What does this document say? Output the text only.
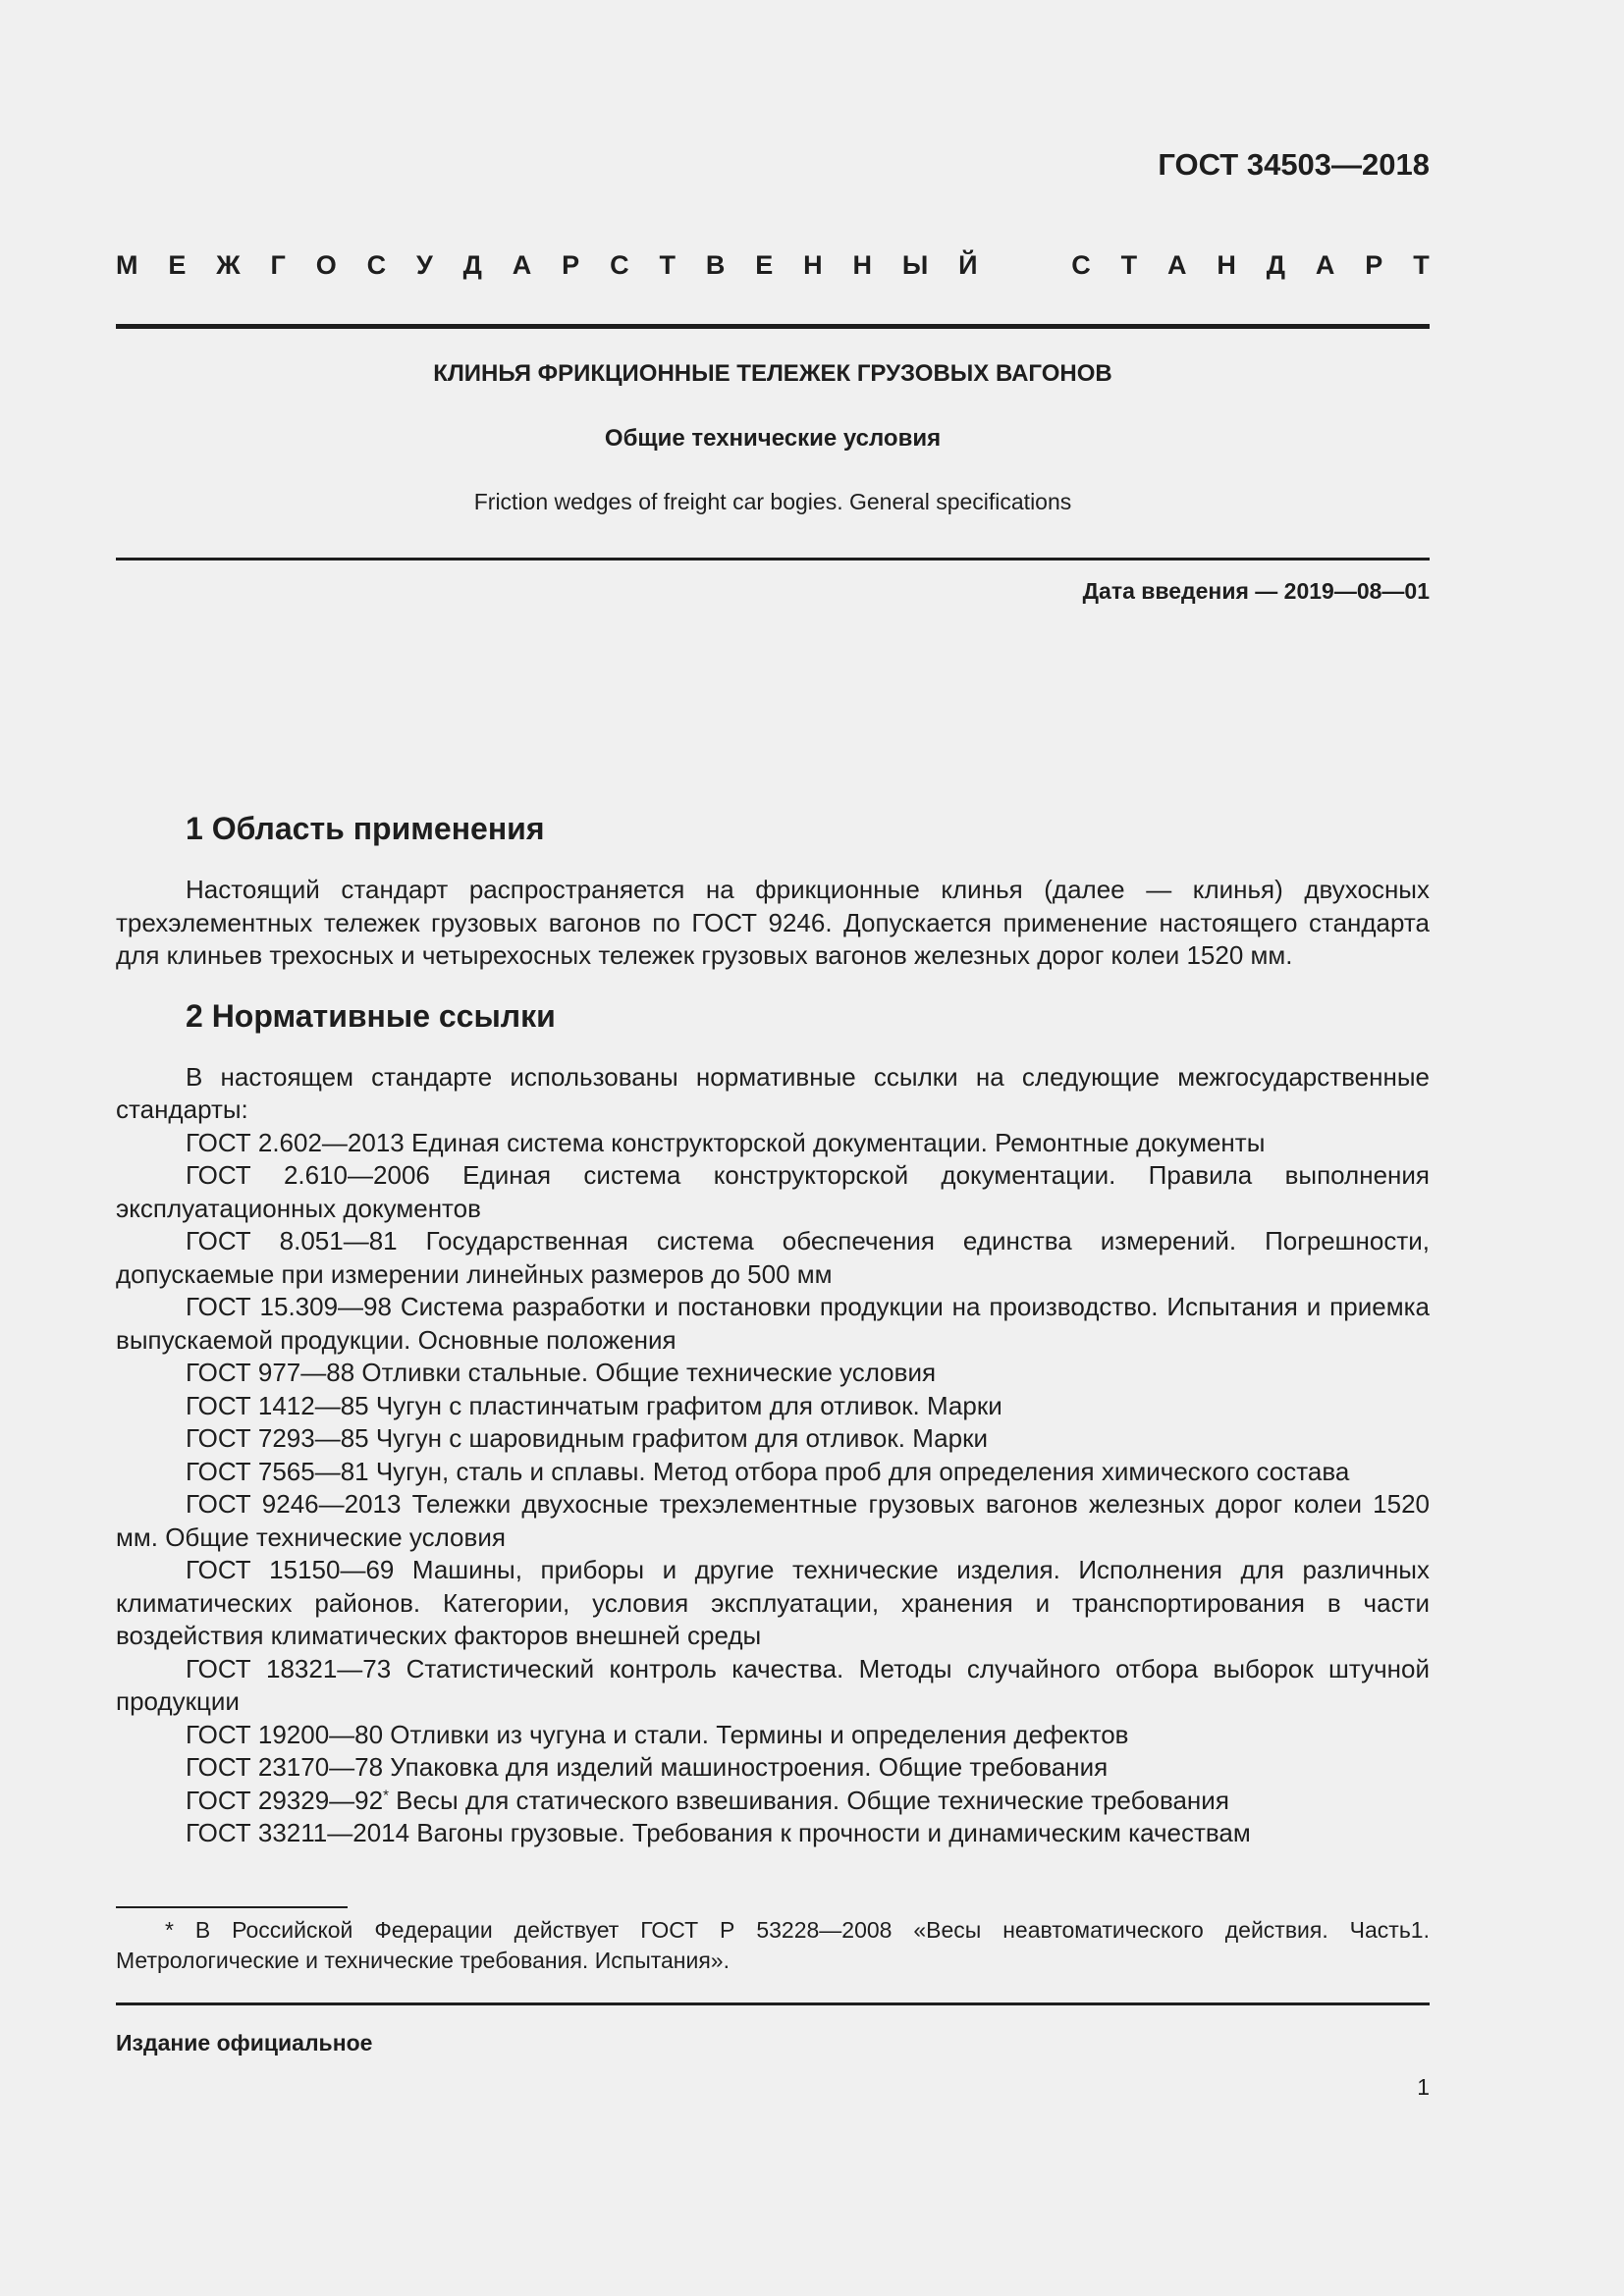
ГОСТ 34503—2018
М Е Ж Г О С У Д А Р С Т В Е Н Н Ы Й	С Т А Н Д А Р Т
КЛИНЬЯ ФРИКЦИОННЫЕ ТЕЛЕЖЕК ГРУЗОВЫХ ВАГОНОВ
Общие технические условия
Friction wedges of freight car bogies. General specifications
Дата введения — 2019—08—01
1 Область применения

Настоящий стандарт распространяется на фрикционные клинья (далее — клинья) двухосных трехэлементных тележек грузовых вагонов по ГОСТ 9246. Допускается применение настоящего стандарта для клиньев трехосных и четырехосных тележек грузовых вагонов железных дорог колеи 1520 мм.

2 Нормативные ссылки

В настоящем стандарте использованы нормативные ссылки на следующие межгосударственные стандарты:

ГОСТ 2.602—2013 Единая система конструкторской документации. Ремонтные документы

ГОСТ 2.610—2006 Единая система конструкторской документации. Правила выполнения эксплуатационных документов

ГОСТ 8.051—81 Государственная система обеспечения единства измерений. Погрешности, допускаемые при измерении линейных размеров до 500 мм

ГОСТ 15.309—98 Система разработки и постановки продукции на производство. Испытания и приемка выпускаемой продукции. Основные положения

ГОСТ 977—88 Отливки стальные. Общие технические условия

ГОСТ 1412—85 Чугун с пластинчатым графитом для отливок. Марки

ГОСТ 7293—85 Чугун с шаровидным графитом для отливок. Марки

ГОСТ 7565—81 Чугун, сталь и сплавы. Метод отбора проб для определения химического состава

ГОСТ 9246—2013 Тележки двухосные трехэлементные грузовых вагонов железных дорог колеи 1520 мм. Общие технические условия

ГОСТ 15150—69 Машины, приборы и другие технические изделия. Исполнения для различных климатических районов. Категории, условия эксплуатации, хранения и транспортирования в части воздействия климатических факторов внешней среды

ГОСТ 18321—73 Статистический контроль качества. Методы случайного отбора выборок штучной продукции

ГОСТ 19200—80 Отливки из чугуна и стали. Термины и определения дефектов

ГОСТ 23170—78 Упаковка для изделий машиностроения. Общие требования

ГОСТ 29329—92* Весы для статического взвешивания. Общие технические требования

ГОСТ 33211—2014 Вагоны грузовые. Требования к прочности и динамическим качествам

* В Российской Федерации действует ГОСТ Р 53228—2008 «Весы неавтоматического действия. Часть1. Метрологические и технические требования. Испытания».
Издание официальное
1
